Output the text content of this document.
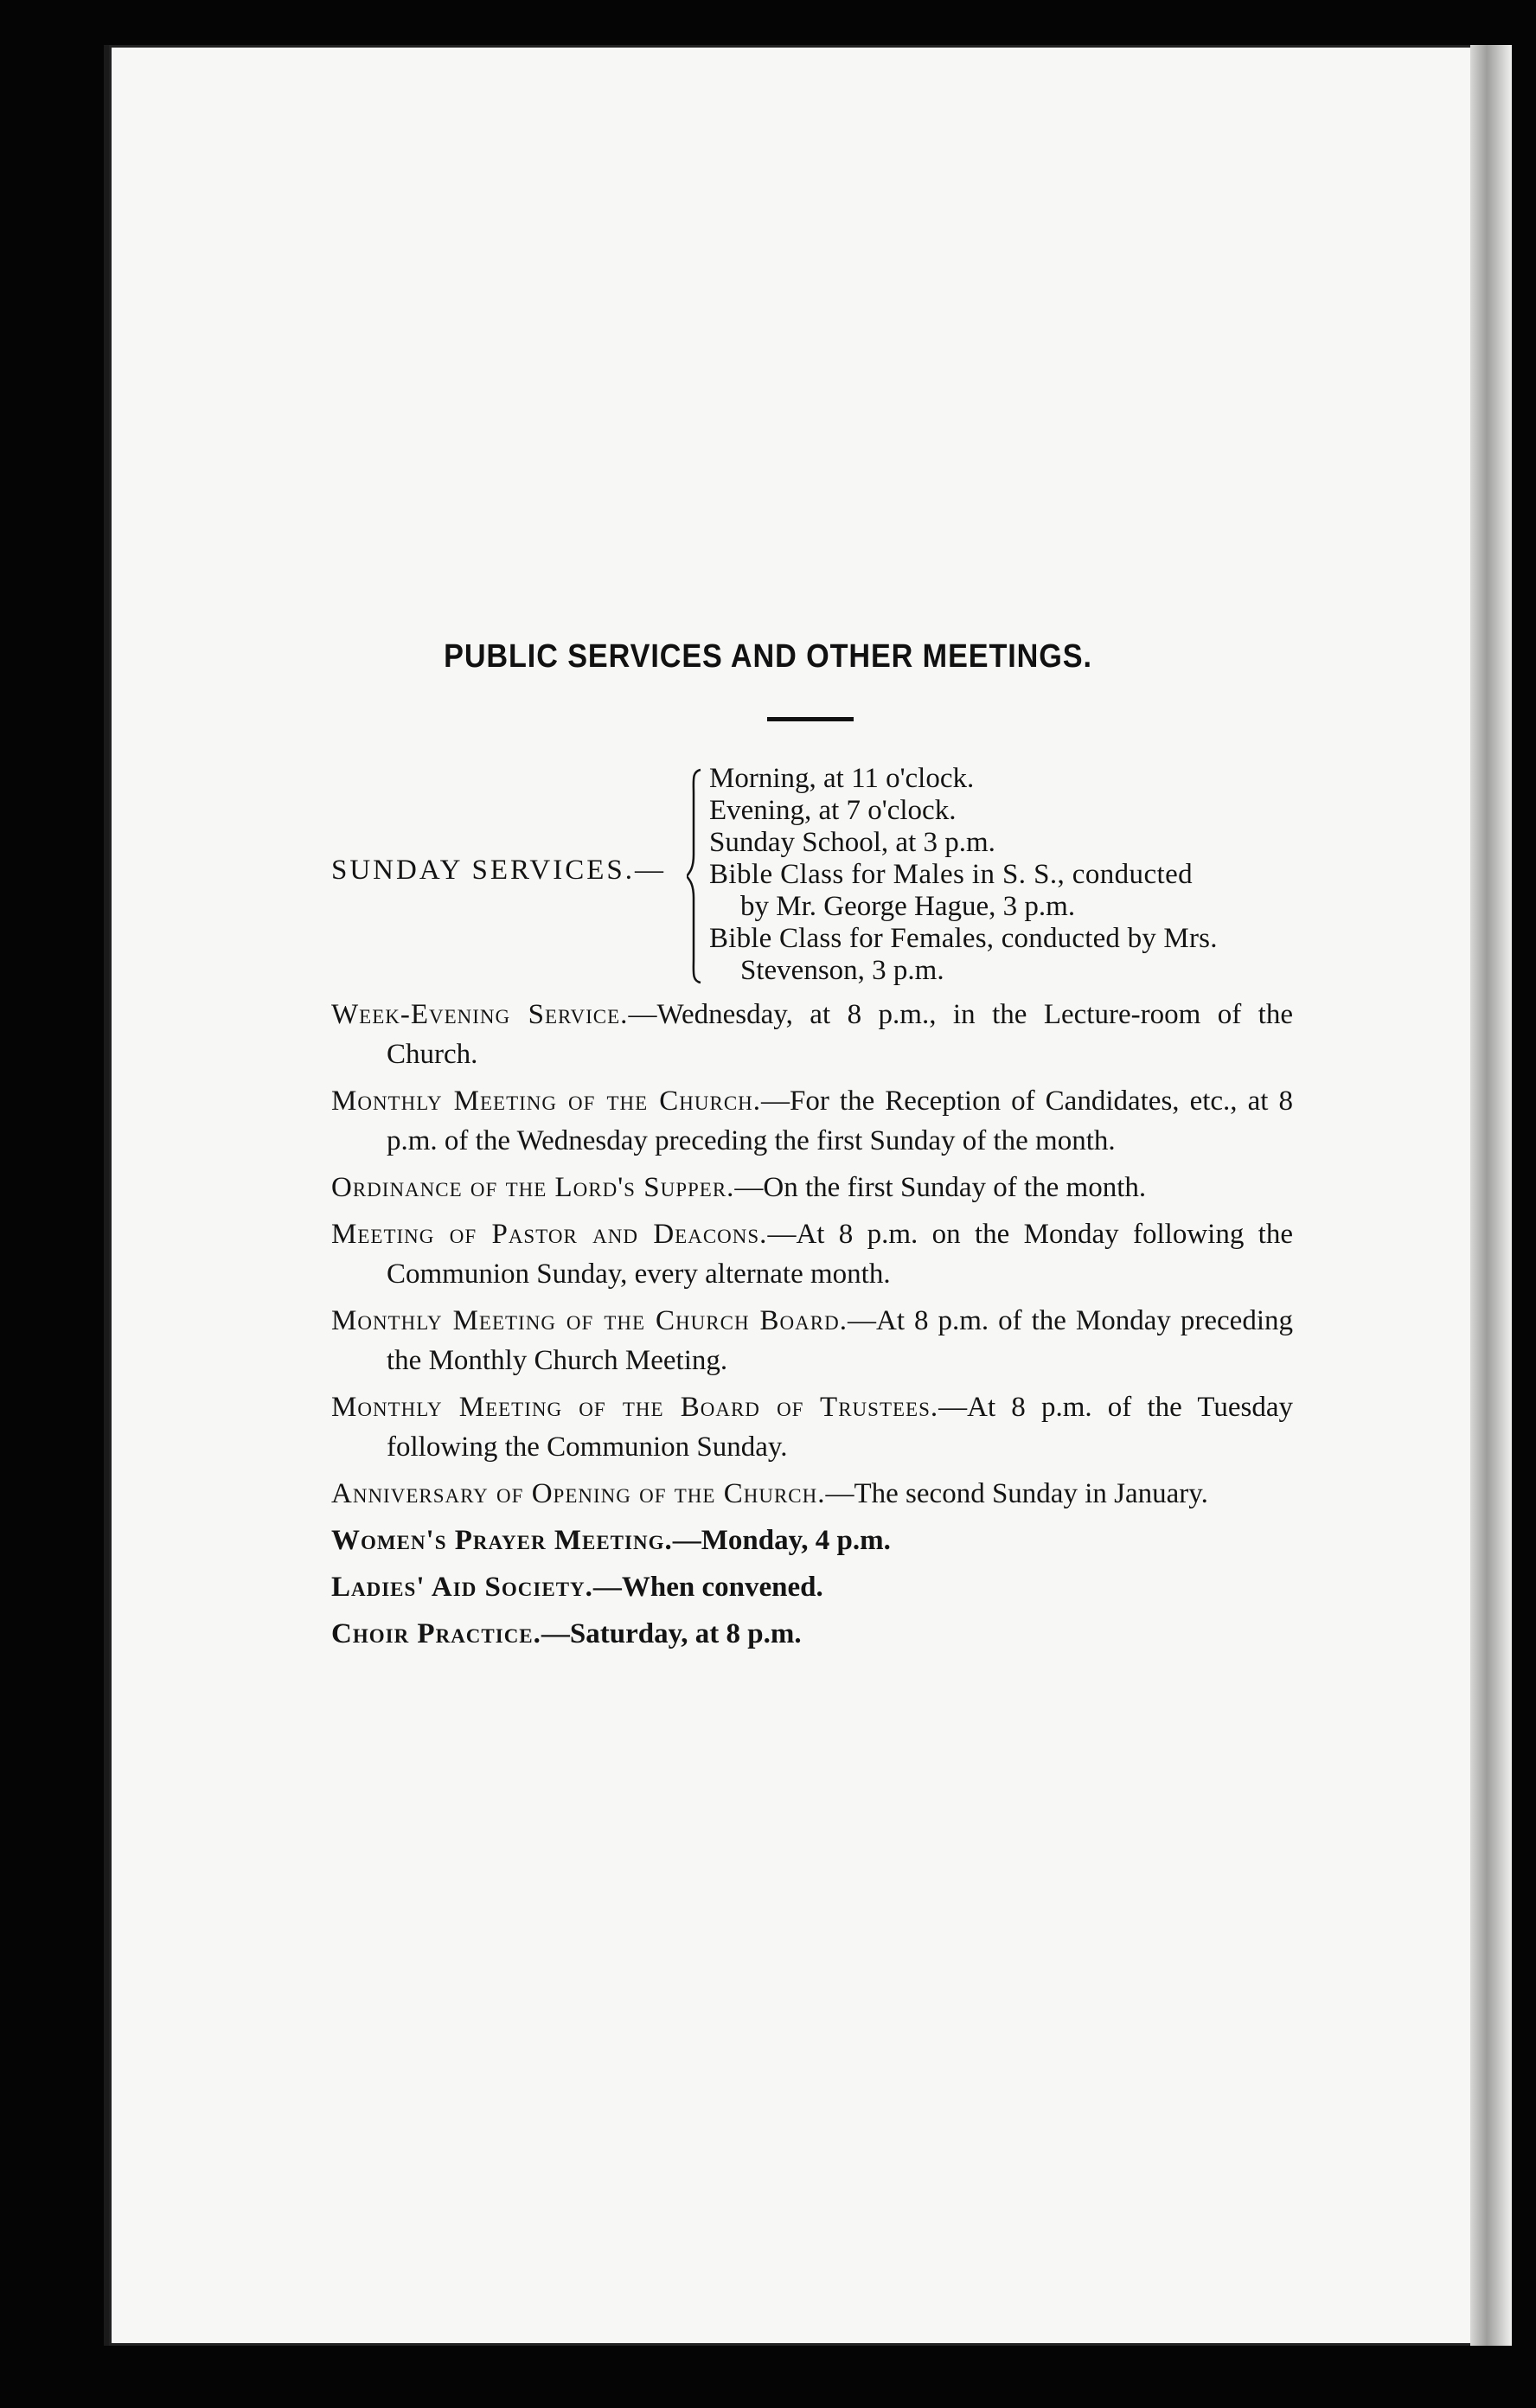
PUBLIC SERVICES AND OTHER MEETINGS.
SUNDAY SERVICES.—
Morning, at 11 o'clock.
Evening, at 7 o'clock.
Sunday School, at 3 p.m.
Bible Class for Males in S. S., conducted
by Mr. George Hague, 3 p.m.
Bible Class for Females, conducted by Mrs.
Stevenson, 3 p.m.
Week-Evening Service.—Wednesday, at 8 p.m., in the Lecture-room of the Church.
Monthly Meeting of the Church.—For the Reception of Candidates, etc., at 8 p.m. of the Wednesday preceding the first Sunday of the month.
Ordinance of the Lord's Supper.—On the first Sunday of the month.
Meeting of Pastor and Deacons.—At 8 p.m. on the Monday following the Communion Sunday, every alternate month.
Monthly Meeting of the Church Board.—At 8 p.m. of the Monday preceding the Monthly Church Meeting.
Monthly Meeting of the Board of Trustees.—At 8 p.m. of the Tuesday following the Communion Sunday.
Anniversary of Opening of the Church.—The second Sunday in January.
Women's Prayer Meeting.—Monday, 4 p.m.
Ladies' Aid Society.—When convened.
Choir Practice.—Saturday, at 8 p.m.
